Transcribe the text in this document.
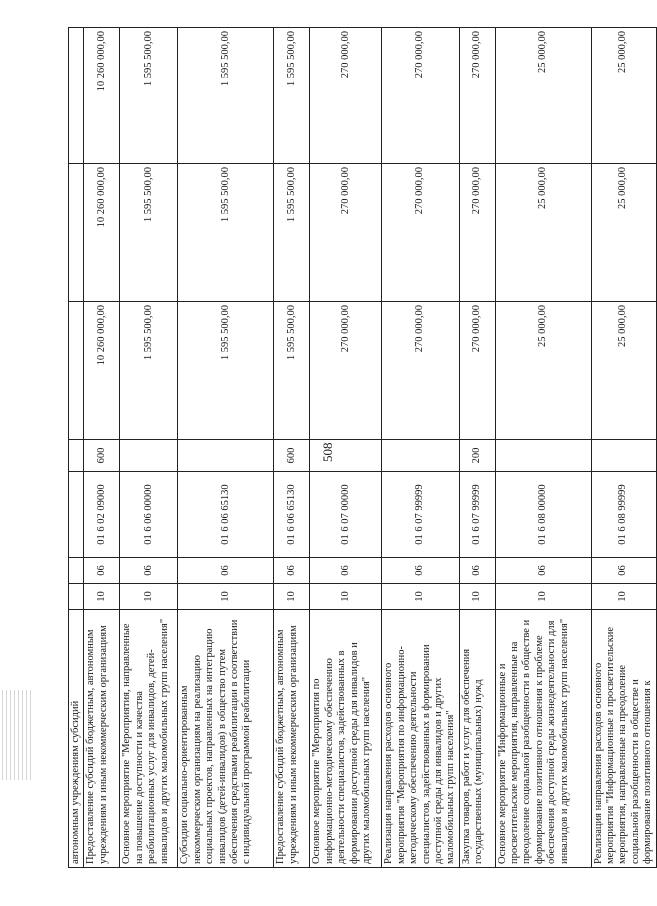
508
автономным учреждениям субсидий							
Предоставление субсидий бюджетным, автономным учреждениям и иным некоммерческим организациям	10	06	01 6 02 09000	600	10 260 000,00	10 260 000,00	10 260 000,00
Основное мероприятие "Мероприятия, направленные на повышение доступности и качества реабилитационных услуг для инвалидов, детей-инвалидов и других маломобильных групп населения"	10	06	01 6 06 00000		1 595 500,00	1 595 500,00	1 595 500,00
Субсидии социально-ориентированным некоммерческим организациям на реализацию социальных проектов, направленных на интеграцию инвалидов (детей-инвалидов) в общество путем обеспечения средствами реабилитации в соответствии с индивидуальной программой реабилитации	10	06	01 6 06 65130		1 595 500,00	1 595 500,00	1 595 500,00
Предоставление субсидий бюджетным, автономным учреждениям и иным некоммерческим организациям	10	06	01 6 06 65130	600	1 595 500,00	1 595 500,00	1 595 500,00
Основное мероприятие "Мероприятия по информационно-методическому обеспечению деятельности специалистов, задействованных в формировании доступной среды для инвалидов и других маломобильных групп населения"	10	06	01 6 07 00000		270 000,00	270 000,00	270 000,00
Реализация направления расходов основного мероприятия "Мероприятия по информационно-методическому обеспечению деятельности специалистов, задействованных в формировании доступной среды для инвалидов и других маломобильных групп населения"	10	06	01 6 07 99999		270 000,00	270 000,00	270 000,00
Закупка товаров, работ и услуг для обеспечения государственных (муниципальных) нужд	10	06	01 6 07 99999	200	270 000,00	270 000,00	270 000,00
Основное мероприятие "Информационные и просветительские мероприятия, направленные на преодоление социальной разобщенности в обществе и формирование позитивного отношения к проблеме обеспечения доступной среды жизнедеятельности для инвалидов и других маломобильных групп населения"	10	06	01 6 08 00000		25 000,00	25 000,00	25 000,00
Реализация направления расходов основного мероприятия "Информационные и просветительские мероприятия, направленные на преодоление социальной разобщенности в обществе и формирование позитивного отношения к	10	06	01 6 08 99999		25 000,00	25 000,00	25 000,00
